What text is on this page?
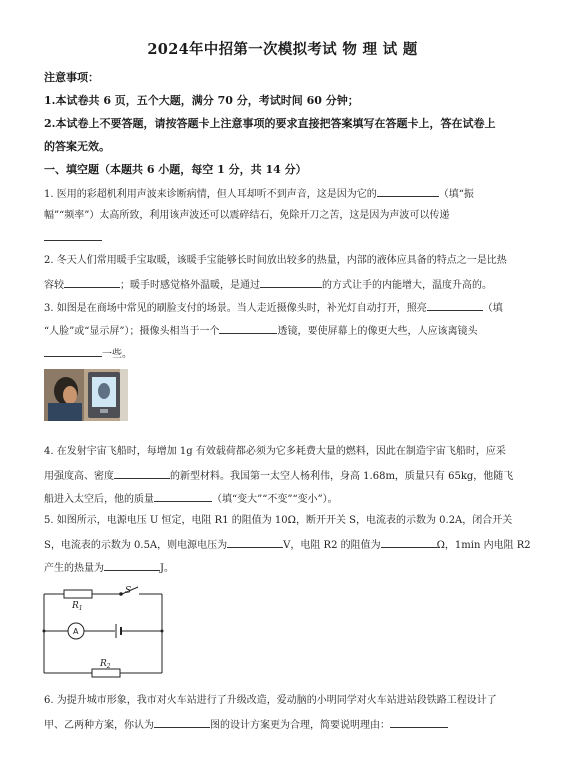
2024年中招第一次模拟考试 物 理 试 题
注意事项：
1.本试卷共 6 页，五个大题，满分 70 分，考试时间 60 分钟；
2.本试卷上不要答题，请按答题卡上注意事项的要求直接把答案填写在答题卡上，答在试卷上
的答案无效。
一、填空题（本题共 6 小题，每空 1 分，共 14 分）
1. 医用的彩超机利用声波来诊断病情，但人耳却听不到声音，这是因为它的	（填“振
幅”“频率”）太高所致，利用该声波还可以震碎结石，免除开刀之苦，这是因为声波可以传递
2. 冬天人们常用暖手宝取暖，该暖手宝能够长时间放出较多的热量，内部的液体应具备的特点之一是比热
容较	；暖手时感觉格外温暖，是通过	的方式让手的内能增大，温度升高的。
3. 如图是在商场中常见的刷脸支付的场景。当人走近摄像头时，补光灯自动打开，照亮	（填
“人脸”或“显示屏”）；摄像头相当于一个	透镜，要使屏幕上的像更大些，人应该离镜头
一些。
4. 在发射宇宙飞船时，每增加 1g 有效载荷都必须为它多耗费大量的燃料，因此在制造宇宙飞船时，应采
用强度高、密度	的新型材料。我国第一太空人杨利伟，身高 1.68m，质量只有 65kg，他随飞
船进入太空后，他的质量	（填“变大”“不变”“变小”）。
5. 如图所示，电源电压 U 恒定，电阻 R1 的阻值为 10Ω，断开开关 S，电流表的示数为 0.2A，闭合开关
S，电流表的示数为 0.5A，则电源电压为	V，电阻 R2 的阻值为	Ω，1min 内电阻 R2
产生的热量为	J。
$R_1$
S
A
$R_2$
6. 为提升城市形象，我市对火车站进行了升级改造，爱动脑的小明同学对火车站进站段铁路工程设计了
甲、乙两种方案，你认为	图的设计方案更为合理，简要说明理由：
